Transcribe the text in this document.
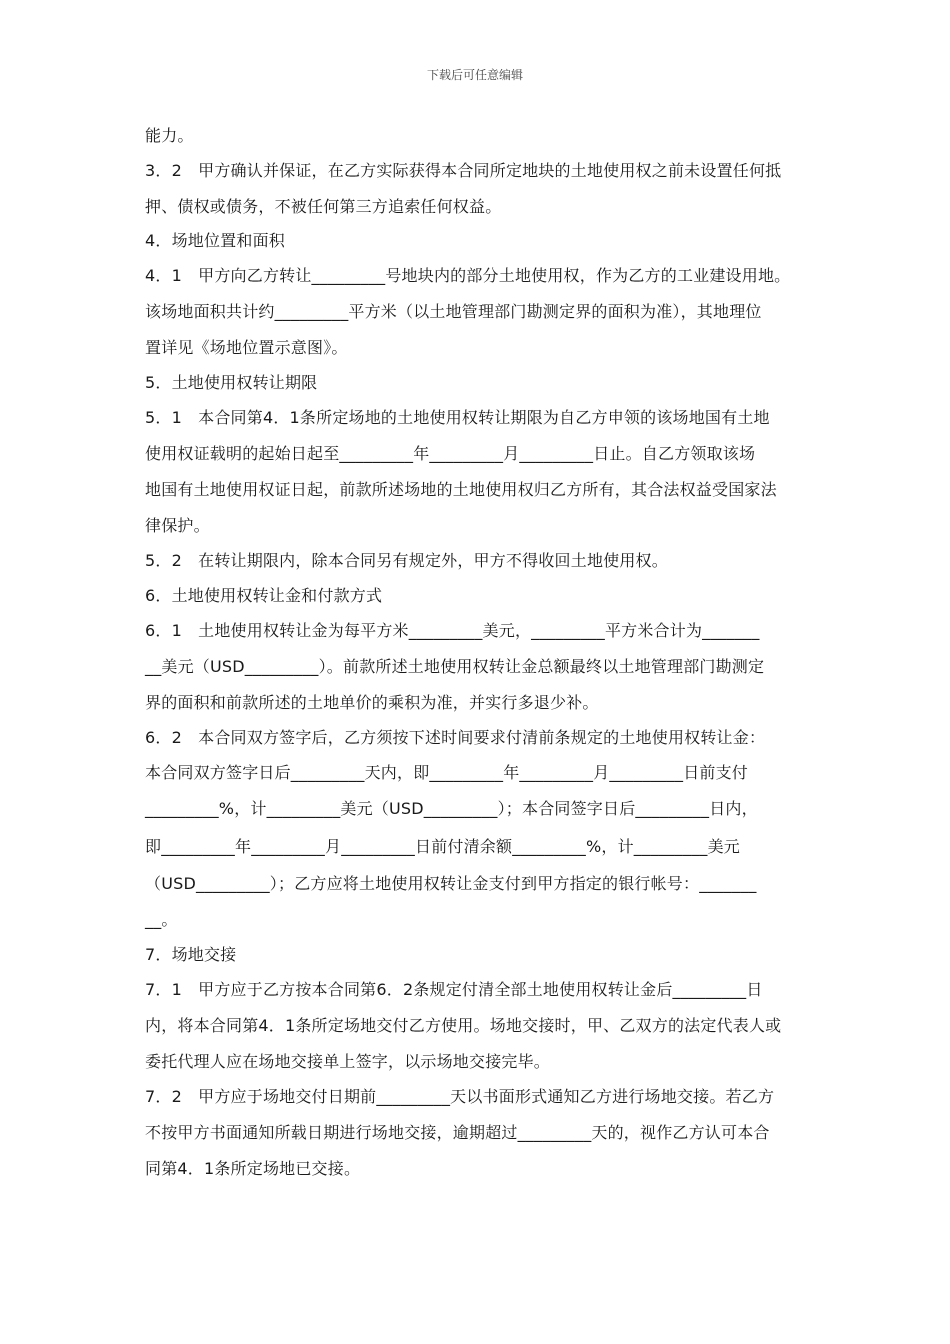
下载后可任意编辑
能力。
3．2　甲方确认并保证，在乙方实际获得本合同所定地块的土地使用权之前未设置任何抵
押、债权或债务，不被任何第三方追索任何权益。
4．场地位置和面积
4．1　甲方向乙方转让_________号地块内的部分土地使用权，作为乙方的工业建设用地。
该场地面积共计约_________平方米（以土地管理部门勘测定界的面积为准），其地理位
置详见《场地位置示意图》。
5．土地使用权转让期限
5．1　本合同第4．1条所定场地的土地使用权转让期限为自乙方申领的该场地国有土地
使用权证载明的起始日起至_________年_________月_________日止。自乙方领取该场
地国有土地使用权证日起，前款所述场地的土地使用权归乙方所有，其合法权益受国家法
律保护。
5．2　在转让期限内，除本合同另有规定外，甲方不得收回土地使用权。
6．土地使用权转让金和付款方式
6．1　土地使用权转让金为每平方米_________美元，_________平方米合计为_______
__美元（USD_________）。前款所述土地使用权转让金总额最终以土地管理部门勘测定
界的面积和前款所述的土地单价的乘积为准，并实行多退少补。
6．2　本合同双方签字后，乙方须按下述时间要求付清前条规定的土地使用权转让金：
本合同双方签字日后_________天内，即_________年_________月_________日前支付
_________%，计_________美元（USD_________）；本合同签字日后_________日内，
即_________年_________月_________日前付清余额_________%，计_________美元
（USD_________）；乙方应将土地使用权转让金支付到甲方指定的银行帐号：_______
__。
7．场地交接
7．1　甲方应于乙方按本合同第6．2条规定付清全部土地使用权转让金后_________日
内，将本合同第4．1条所定场地交付乙方使用。场地交接时，甲、乙双方的法定代表人或
委托代理人应在场地交接单上签字，以示场地交接完毕。
7．2　甲方应于场地交付日期前_________天以书面形式通知乙方进行场地交接。若乙方
不按甲方书面通知所载日期进行场地交接，逾期超过_________天的，视作乙方认可本合
同第4．1条所定场地已交接。
